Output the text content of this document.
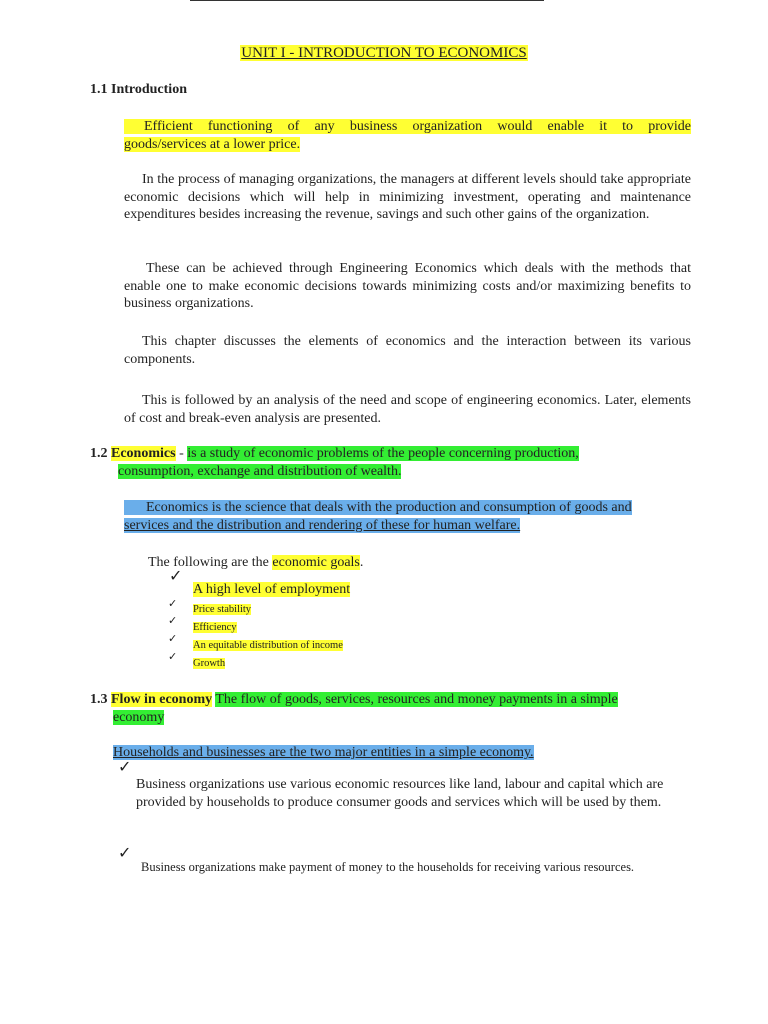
UNIT I - INTRODUCTION TO ECONOMICS
1.1 Introduction
Efficient functioning of any business organization would enable it to provide
goods/services at a lower price.
In the process of managing organizations, the managers at different levels should take appropriate economic decisions which will help in minimizing investment, operating and maintenance expenditures besides increasing the revenue, savings and such other gains of the organization.
These can be achieved through Engineering Economics which deals with the methods that enable one to make economic decisions towards minimizing costs and/or maximizing benefits to business organizations.
This chapter discusses the elements of economics and the interaction between its various components.
This is followed by an analysis of the need and scope of engineering economics. Later, elements of cost and break-even analysis are presented.
1.2 Economics - is a study of economic problems of the people concerning production,
consumption, exchange and distribution of wealth.
Economics is the science that deals with the production and consumption of goods and
services and the distribution and rendering of these for human welfare.
The following are the economic goals.
✓
A high level of employment
✓ Price stability
✓
Efficiency
✓
An equitable distribution of income
✓
Growth
1.3 Flow in economy The flow of goods, services, resources and money payments in a simple
economy
Households and businesses are the two major entities in a simple economy.
✓
Business organizations use various economic resources like land, labour and capital which are provided by households to produce consumer goods and services which will be used by them.
✓
Business organizations make payment of money to the households for receiving various resources.
